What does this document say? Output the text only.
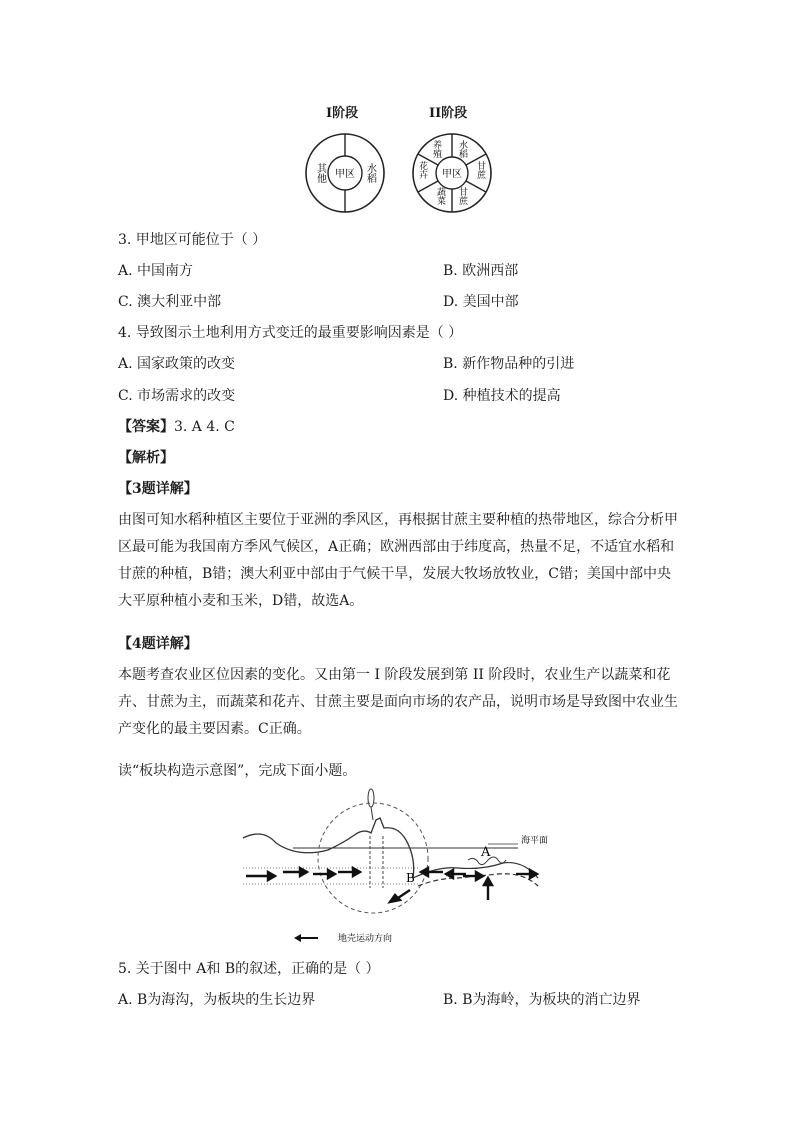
I阶段	II阶段
甲区
其他	水稻	甲区
养殖 水稻
甘蔗
甘蔗
蔬菜
花卉
3. 甲地区可能位于（ ）
A. 中国南方	B. 欧洲西部
C. 澳大利亚中部	D. 美国中部
4. 导致图示土地利用方式变迁的最重要影响因素是（ ）
A. 国家政策的改变	B. 新作物品种的引进
C. 市场需求的改变	D. 种植技术的提高
【答案】3. A 4. C
【解析】
【3题详解】
由图可知水稻种植区主要位于亚洲的季风区，再根据甘蔗主要种植的热带地区，综合分析甲区最可能为我国南方季风气候区，A正确；欧洲西部由于纬度高，热量不足，不适宜水稻和甘蔗的种植，B错；澳大利亚中部由于气候干旱，发展大牧场放牧业，C错；美国中部中央大平原种植小麦和玉米，D错，故选A。
【4题详解】
本题考查农业区位因素的变化。又由第一 I 阶段发展到第 II 阶段时，农业生产以蔬菜和花卉、甘蔗为主，而蔬菜和花卉、甘蔗主要是面向市场的农产品，说明市场是导致图中农业生产变化的最主要因素。C正确。
读“板块构造示意图”，完成下面小题。
海平面
A
B
地壳运动方向
5. 关于图中 A和 B的叙述，正确的是（ ）
A. B为海沟，为板块的生长边界	B. B为海岭，为板块的消亡边界
